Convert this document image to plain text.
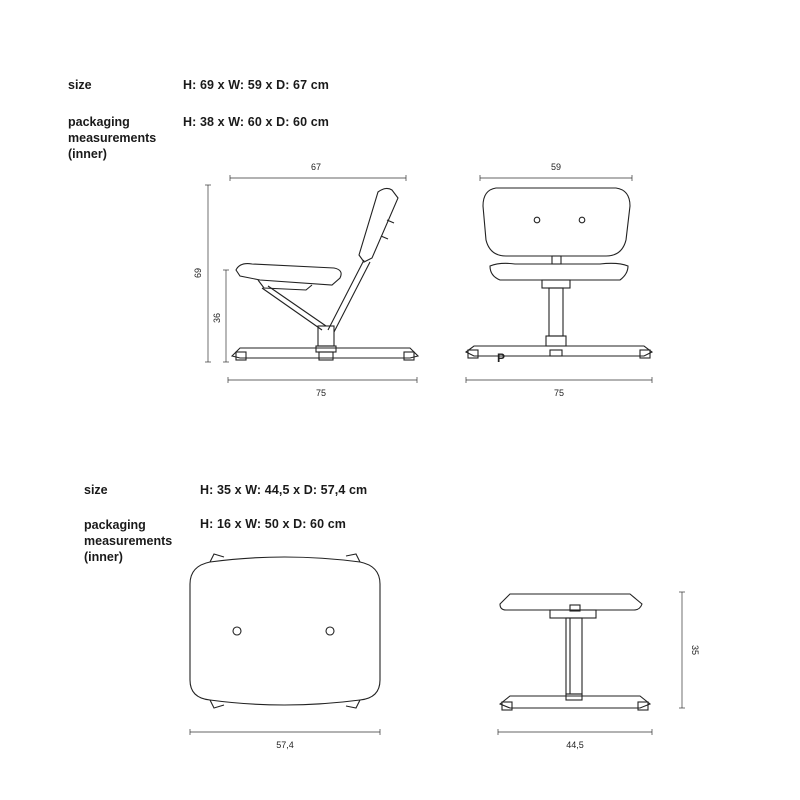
size	H: 69 x W: 59 x D: 67 cm
packaging
measurements
(inner)
H: 38 x W: 60 x D: 60 cm
size	H: 35 x W: 44,5 x D: 57,4 cm
packaging
measurements
(inner)
H: 16 x W: 50 x D: 60 cm
67
69
36
75
59
P
75
57,4
35
44,5
